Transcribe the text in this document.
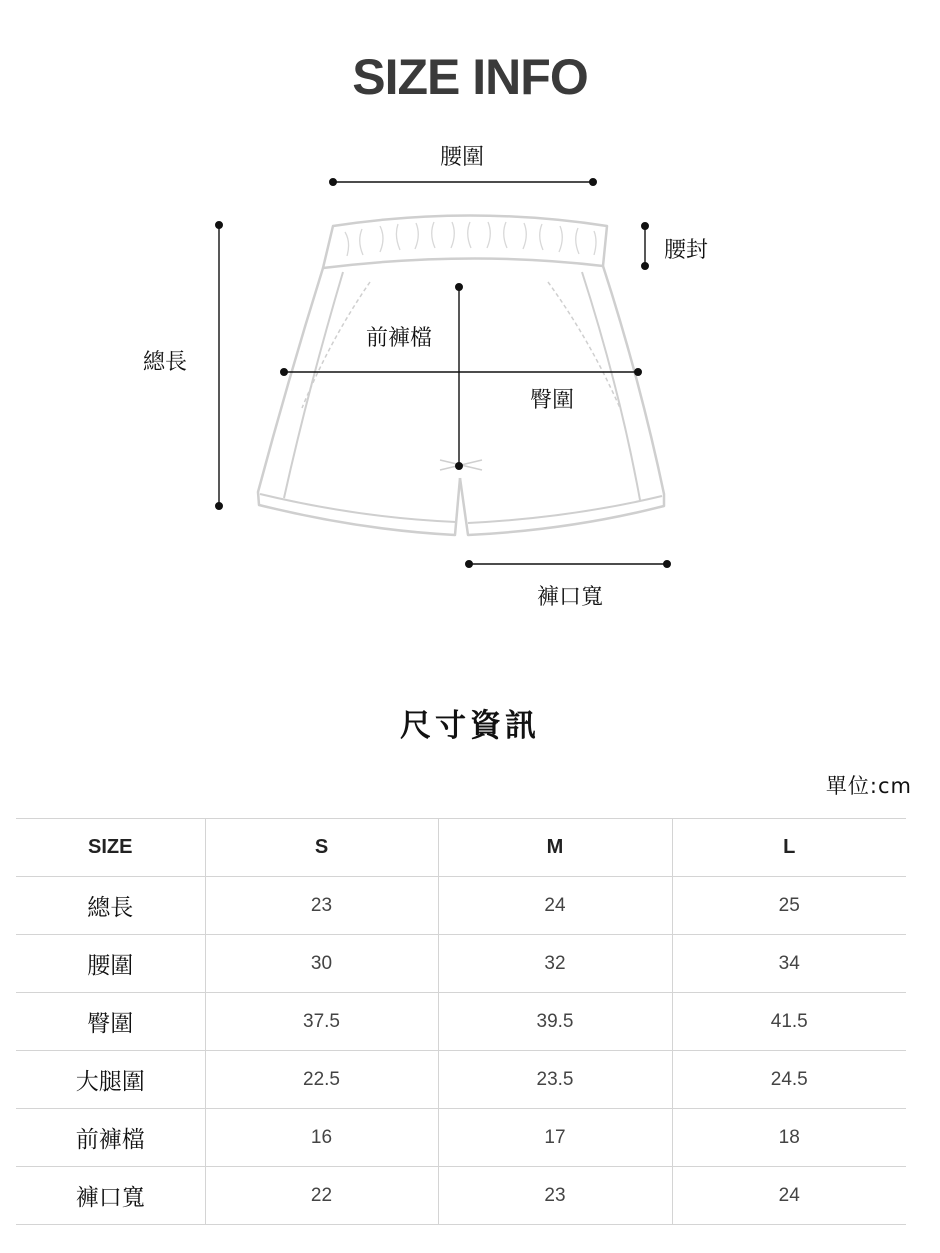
SIZE INFO
腰圍
腰封
總長
前褲檔
臀圍
褲口寬
尺寸資訊
單位:cm
SIZE	S	M	L
總長	23	24	25
腰圍	30	32	34
臀圍	37.5	39.5	41.5
大腿圍	22.5	23.5	24.5
前褲檔	16	17	18
褲口寬	22	23	24
